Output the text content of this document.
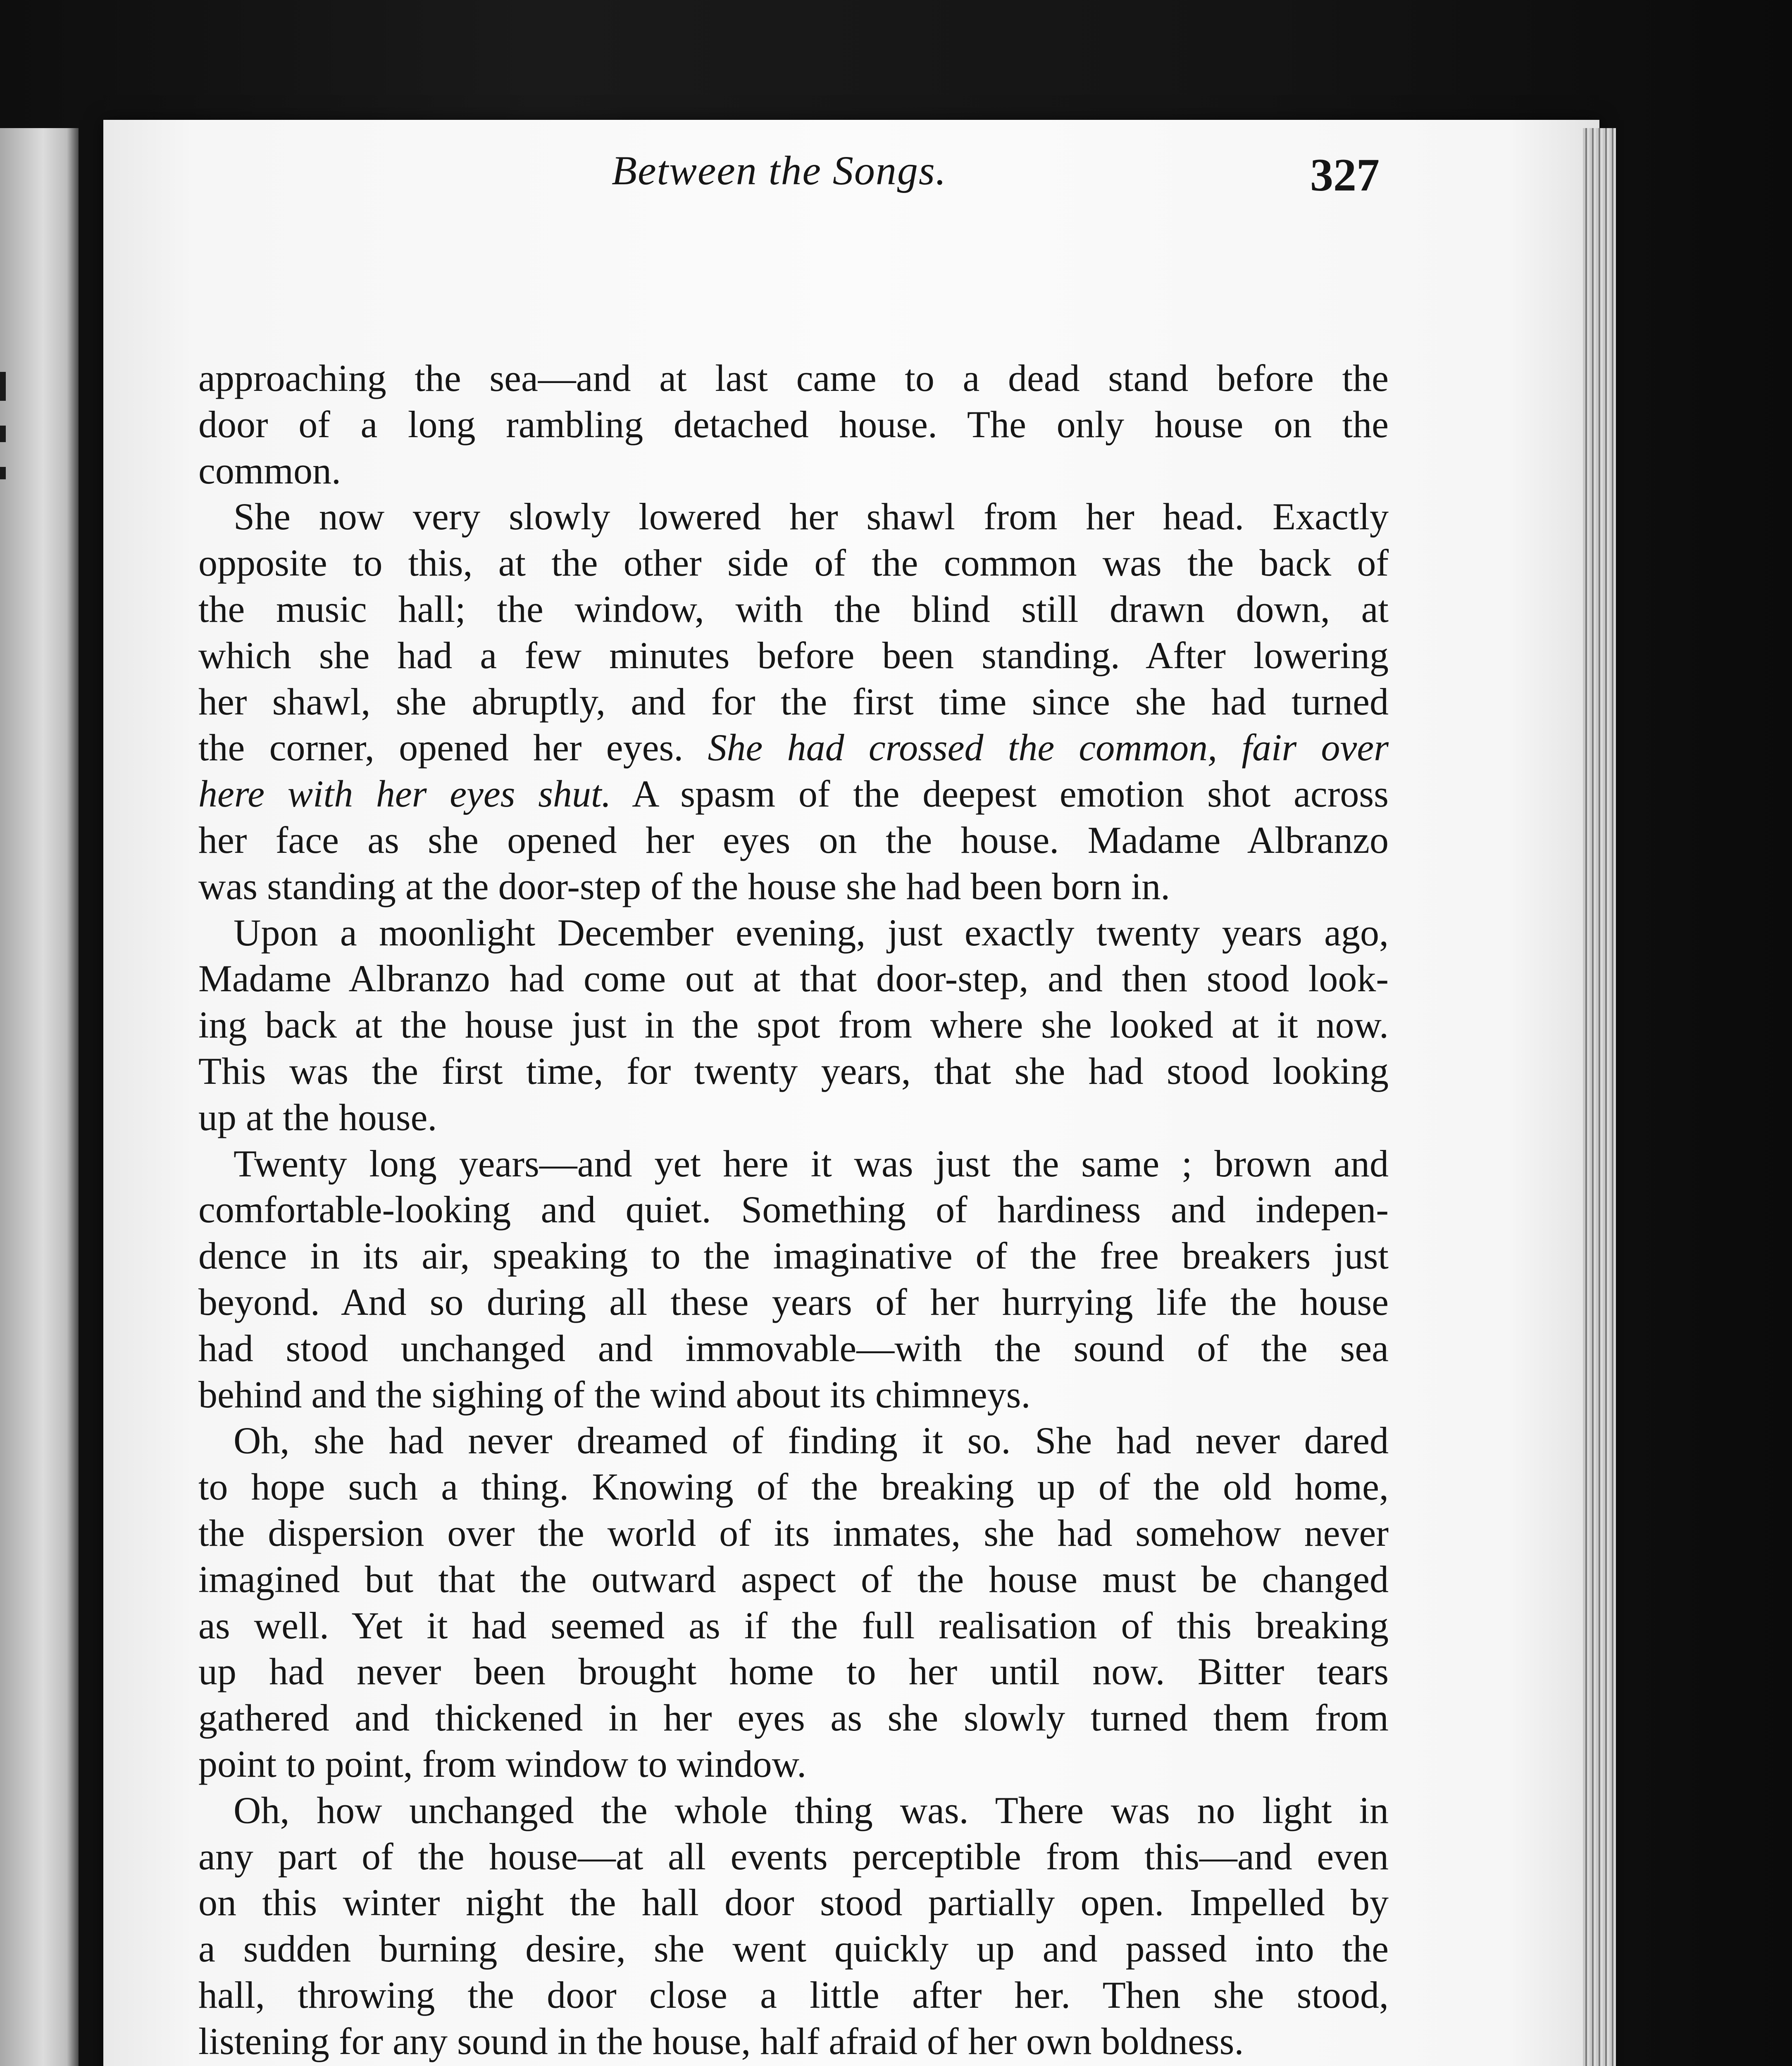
Between the Songs.	327
approaching the sea—and at last came to a dead stand before the
door of a long rambling detached house. The only house on the
common.
She now very slowly lowered her shawl from her head. Exactly
opposite to this, at the other side of the common was the back of
the music hall; the window, with the blind still drawn down, at
which she had a few minutes before been standing. After lowering
her shawl, she abruptly, and for the first time since she had turned
the corner, opened her eyes. She had crossed the common, fair over
here with her eyes shut. A spasm of the deepest emotion shot across
her face as she opened her eyes on the house. Madame Albranzo
was standing at the door-step of the house she had been born in.
Upon a moonlight December evening, just exactly twenty years ago,
Madame Albranzo had come out at that door-step, and then stood look-
ing back at the house just in the spot from where she looked at it now.
This was the first time, for twenty years, that she had stood looking
up at the house.
Twenty long years—and yet here it was just the same ; brown and
comfortable-looking and quiet. Something of hardiness and indepen-
dence in its air, speaking to the imaginative of the free breakers just
beyond. And so during all these years of her hurrying life the house
had stood unchanged and immovable—with the sound of the sea
behind and the sighing of the wind about its chimneys.
Oh, she had never dreamed of finding it so. She had never dared
to hope such a thing. Knowing of the breaking up of the old home,
the dispersion over the world of its inmates, she had somehow never
imagined but that the outward aspect of the house must be changed
as well. Yet it had seemed as if the full realisation of this breaking
up had never been brought home to her until now. Bitter tears
gathered and thickened in her eyes as she slowly turned them from
point to point, from window to window.
Oh, how unchanged the whole thing was. There was no light in
any part of the house—at all events perceptible from this—and even
on this winter night the hall door stood partially open. Impelled by
a sudden burning desire, she went quickly up and passed into the
hall, throwing the door close a little after her. Then she stood,
listening for any sound in the house, half afraid of her own boldness.
